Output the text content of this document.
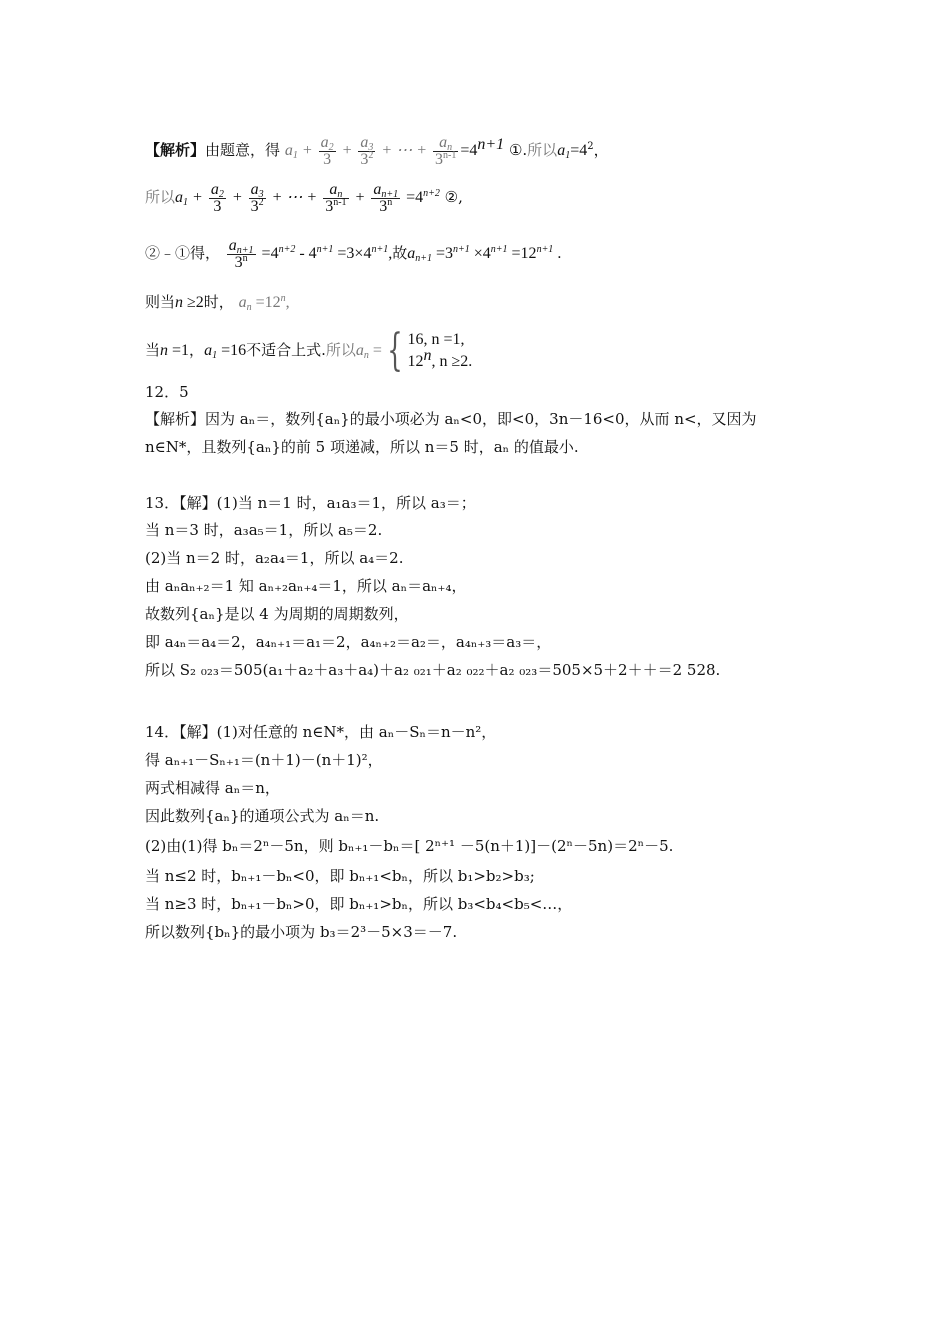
【解析】由题意，得 $a_1 + \frac{a_2}{3} + \frac{a_3}{3^2}$ + ⋯ + $\frac{a_n}{3^{n-1}} =4^{n+1}$ ①.所以$a_1=4^2$，
所以$a_1 + \frac{a_2}{3} + \frac{a_3}{3^2}$ + ⋯ + $\frac{a_n}{3^{n-1}} + \frac{a_{n+1}}{3^n} =4^{n+2}$ ②,
②﹣①得， $\frac{a_{n+1}}{3^n} =4^{n+2} - 4^{n+1} =3\times 4^{n+1}$,故$a_{n+1} =3^{n+1} \times 4^{n+1} =12^{n+1}$ .
则当n ≥2时， $a_n =12^n$,
当n =1，$a_1 =16$不适合上式.所以$a_n$ = { 16, n =1,
12$^n$, n ≥2.
12．5
【解析】因为 aₙ＝，数列{aₙ}的最小项必为 aₙ<0，即<0，3n－16<0，从而 n<，又因为
n∈N*，且数列{aₙ}的前 5 项递减，所以 n＝5 时，aₙ 的值最小.
13．【解】(1)当 n＝1 时，a₁a₃＝1，所以 a₃＝；
当 n＝3 时，a₃a₅＝1，所以 a₅＝2.
(2)当 n＝2 时，a₂a₄＝1，所以 a₄＝2.
由 aₙaₙ₊₂＝1 知 aₙ₊₂aₙ₊₄＝1，所以 aₙ＝aₙ₊₄，
故数列{aₙ}是以 4 为周期的周期数列，
即 a₄ₙ＝a₄＝2，a₄ₙ₊₁＝a₁＝2，a₄ₙ₊₂＝a₂＝，a₄ₙ₊₃＝a₃＝，
所以 S₂ ₀₂₃＝505(a₁＋a₂＋a₃＋a₄)＋a₂ ₀₂₁＋a₂ ₀₂₂＋a₂ ₀₂₃＝505×5＋2＋＋＝2 528.
14．【解】(1)对任意的 n∈N*，由 aₙ－Sₙ＝n－n²，
得 aₙ₊₁－Sₙ₊₁＝(n＋1)－(n＋1)²，
两式相减得 aₙ＝n，
因此数列{aₙ}的通项公式为 aₙ＝n.
(2)由(1)得 bₙ＝2ⁿ－5n，则 bₙ₊₁－bₙ＝[ 2ⁿ⁺¹ －5(n＋1)]－(2ⁿ－5n)＝2ⁿ－5.
当 n≤2 时，bₙ₊₁－bₙ<0，即 bₙ₊₁<bₙ，所以 b₁>b₂>b₃;
当 n≥3 时，bₙ₊₁－bₙ>0，即 bₙ₊₁>bₙ，所以 b₃<b₄<b₅<…，
所以数列{bₙ}的最小项为 b₃＝2³－5×3＝－7.
